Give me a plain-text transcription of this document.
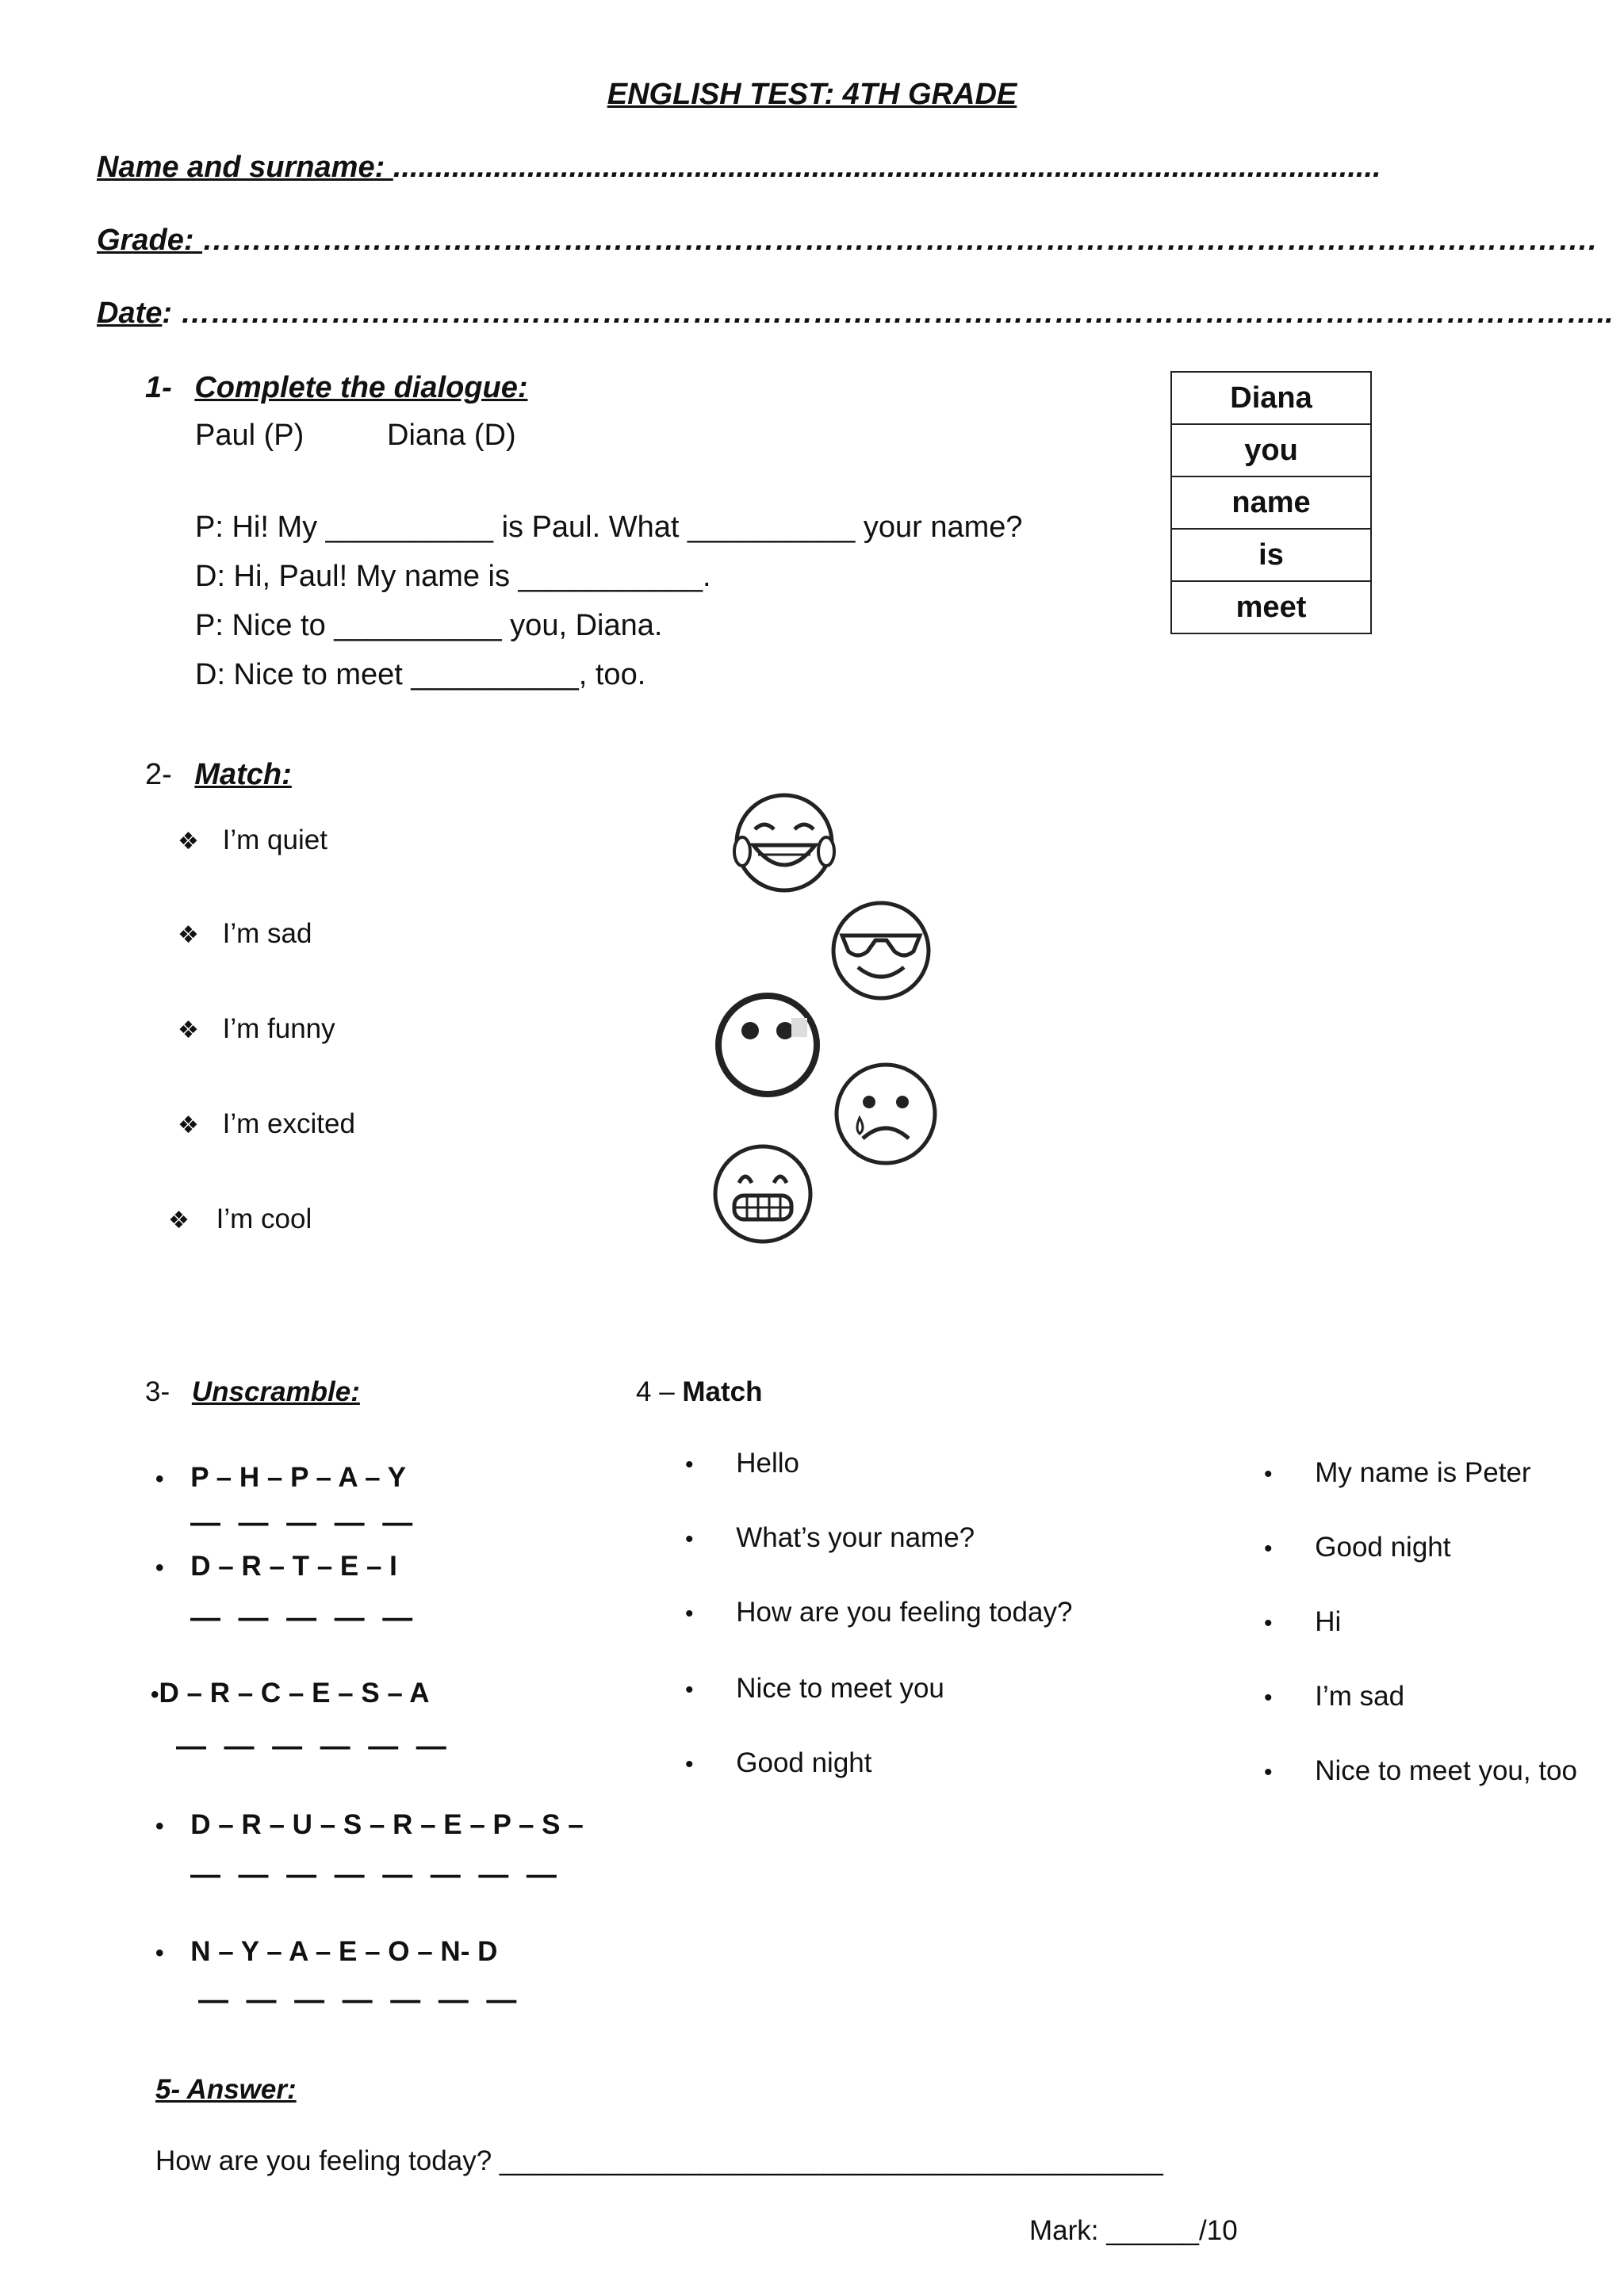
ENGLISH TEST: 4TH GRADE
Name and surname: ......................................................................................................................
Grade: ………………………………………………………………………………………………………………………….
Date: ……………………………………………………………………………………………………………………………..
1- Complete the dialogue:
Paul (P)	Diana (D)
P: Hi! My __________ is Paul. What __________ your name?
D: Hi, Paul! My name is ___________.
P: Nice to __________ you, Diana.
D: Nice to meet __________, too.
Diana
you
name
is
meet
2- Match:
❖ I’m quiet
❖ I’m sad
❖ I’m funny
❖ I’m excited
❖ I’m cool
3- Unscramble:
• P – H – P – A – Y
— — — — —
• D – R – T – E – I
— — — — —
•D – R – C – E – S – A
— — — — — —
• D – R – U – S – R – E – P – S –
— — — — — — — —
• N – Y – A – E – O – N- D
— — — — — — —
4 – Match
• Hello
• What’s your name?
• How are you feeling today?
• Nice to meet you
• Good night
• My name is Peter
• Good night
• Hi
• I’m sad
• Nice to meet you, too
5- Answer:
How are you feeling today? ___________________________________________
Mark: ______/10
